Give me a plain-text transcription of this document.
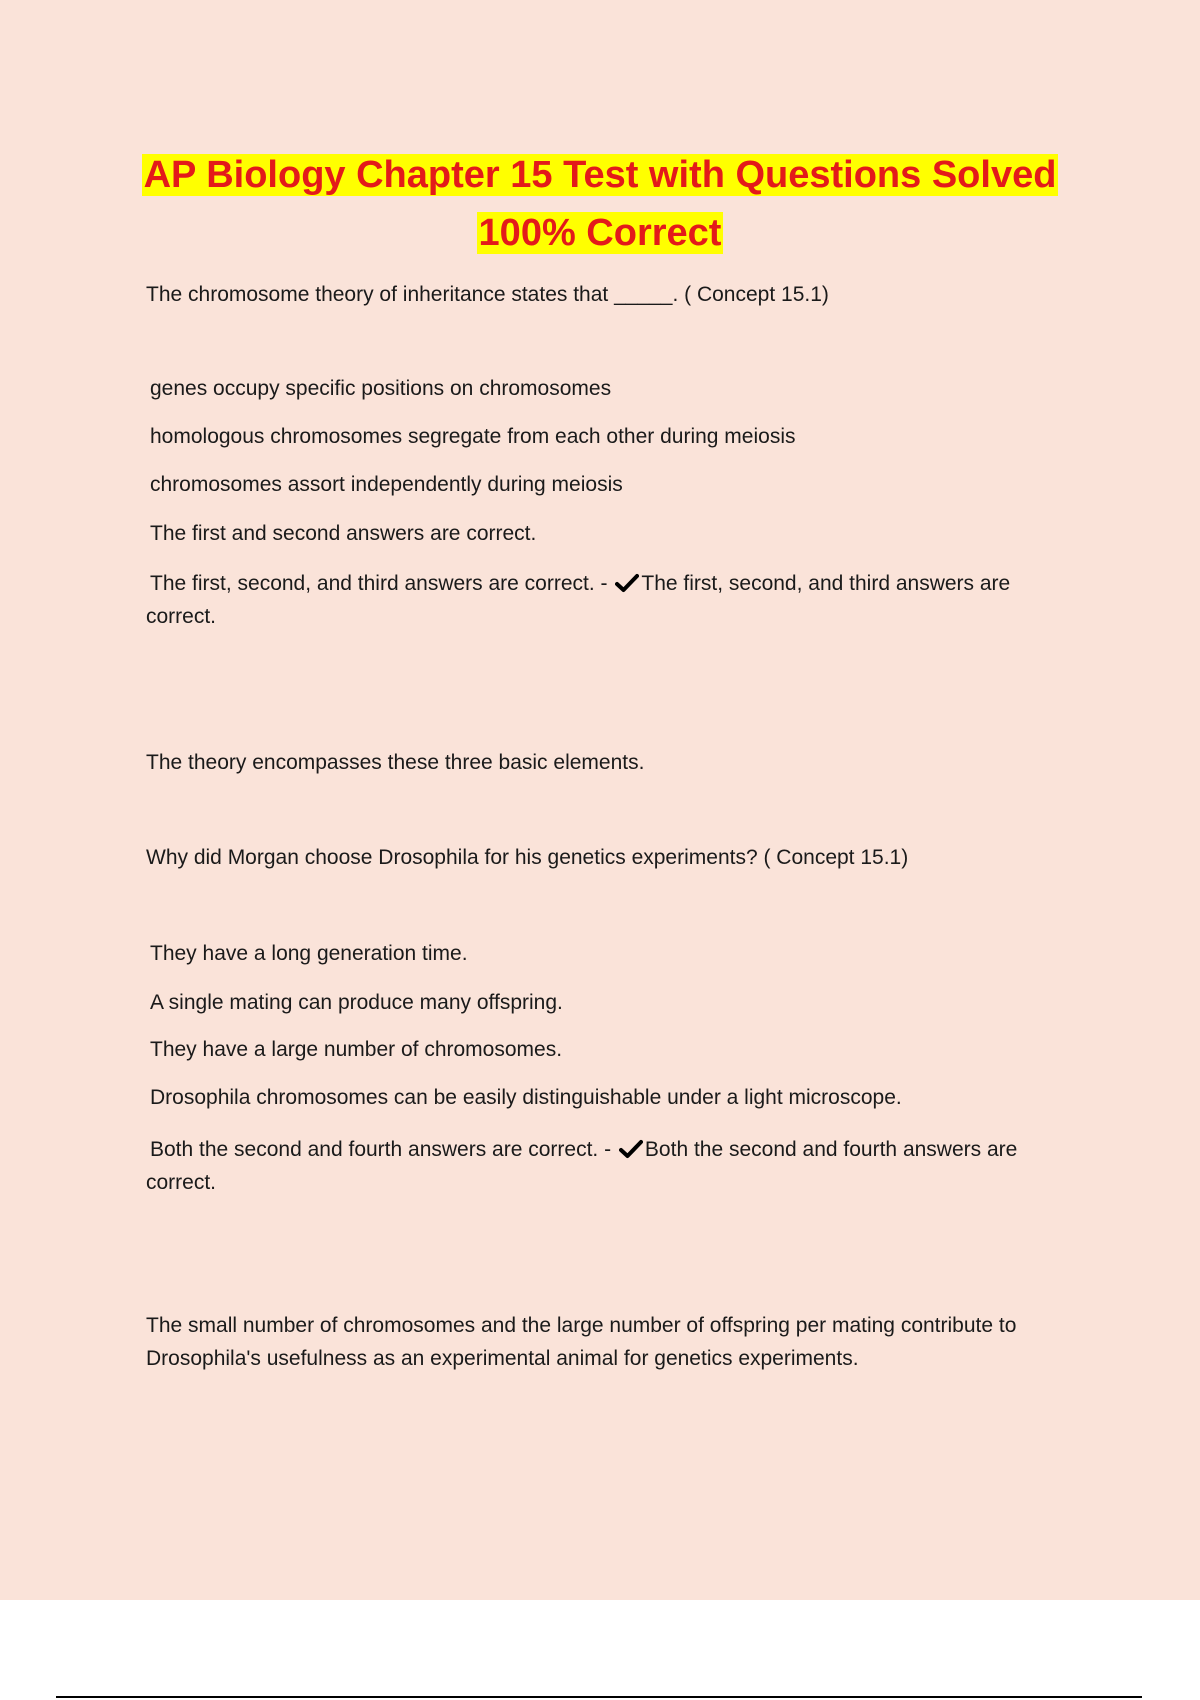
AP Biology Chapter 15 Test with Questions Solved
100% Correct

The chromosome theory of inheritance states that _____. ( Concept 15.1)

genes occupy specific positions on chromosomes

homologous chromosomes segregate from each other during meiosis

chromosomes assort independently during meiosis

The first and second answers are correct.

The first, second, and third answers are correct. - The first, second, and third answers are correct.

The theory encompasses these three basic elements.

Why did Morgan choose Drosophila for his genetics experiments? ( Concept 15.1)

They have a long generation time.

A single mating can produce many offspring.

They have a large number of chromosomes.

Drosophila chromosomes can be easily distinguishable under a light microscope.

Both the second and fourth answers are correct. - Both the second and fourth answers are correct.

The small number of chromosomes and the large number of offspring per mating contribute to Drosophila's usefulness as an experimental animal for genetics experiments.
